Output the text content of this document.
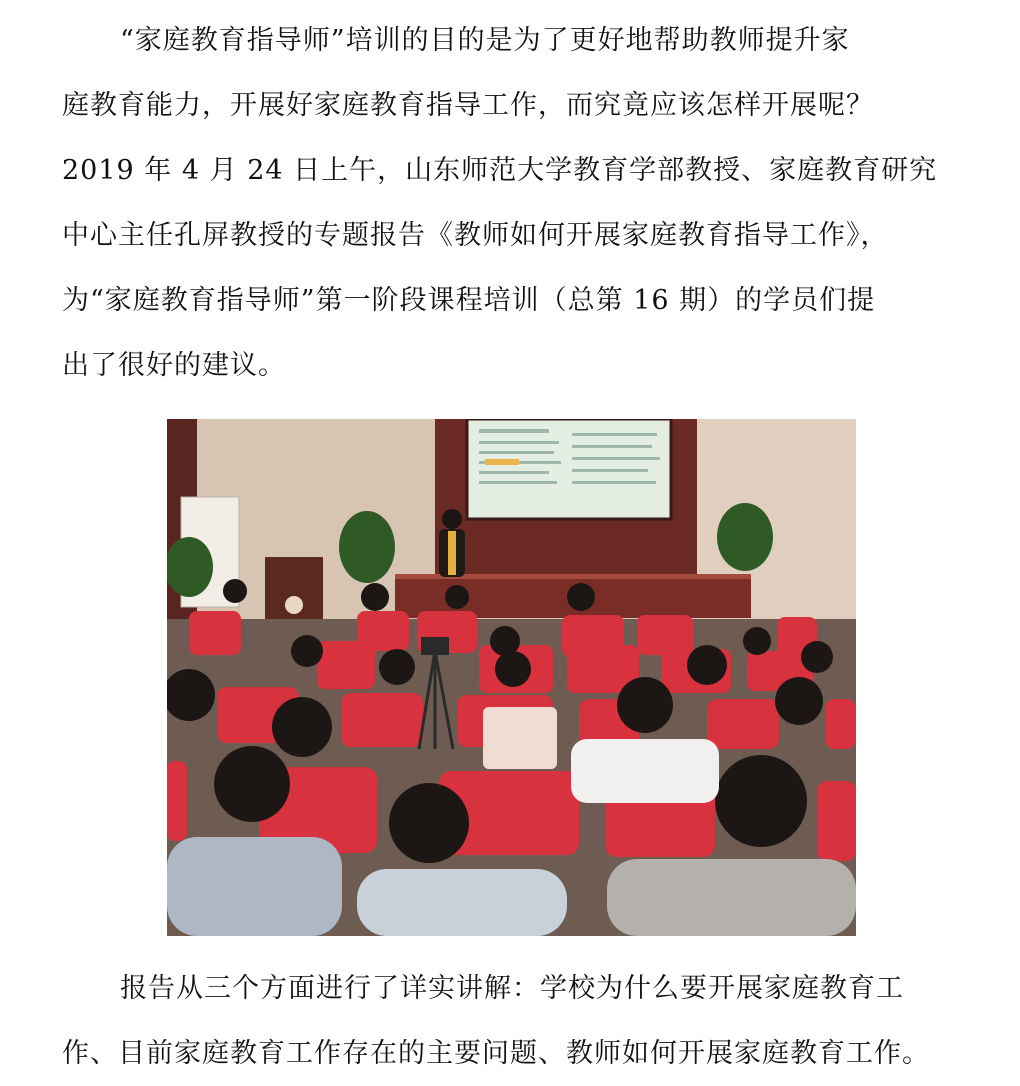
“家庭教育指导师”培训的目的是为了更好地帮助教师提升家
庭教育能力，开展好家庭教育指导工作，而究竟应该怎样开展呢？
2019 年 4 月 24 日上午，山东师范大学教育学部教授、家庭教育研究
中心主任孔屏教授的专题报告《教师如何开展家庭教育指导工作》，
为“家庭教育指导师”第一阶段课程培训（总第 16 期）的学员们提
出了很好的建议。
报告从三个方面进行了详实讲解：学校为什么要开展家庭教育工
作、目前家庭教育工作存在的主要问题、教师如何开展家庭教育工作。
